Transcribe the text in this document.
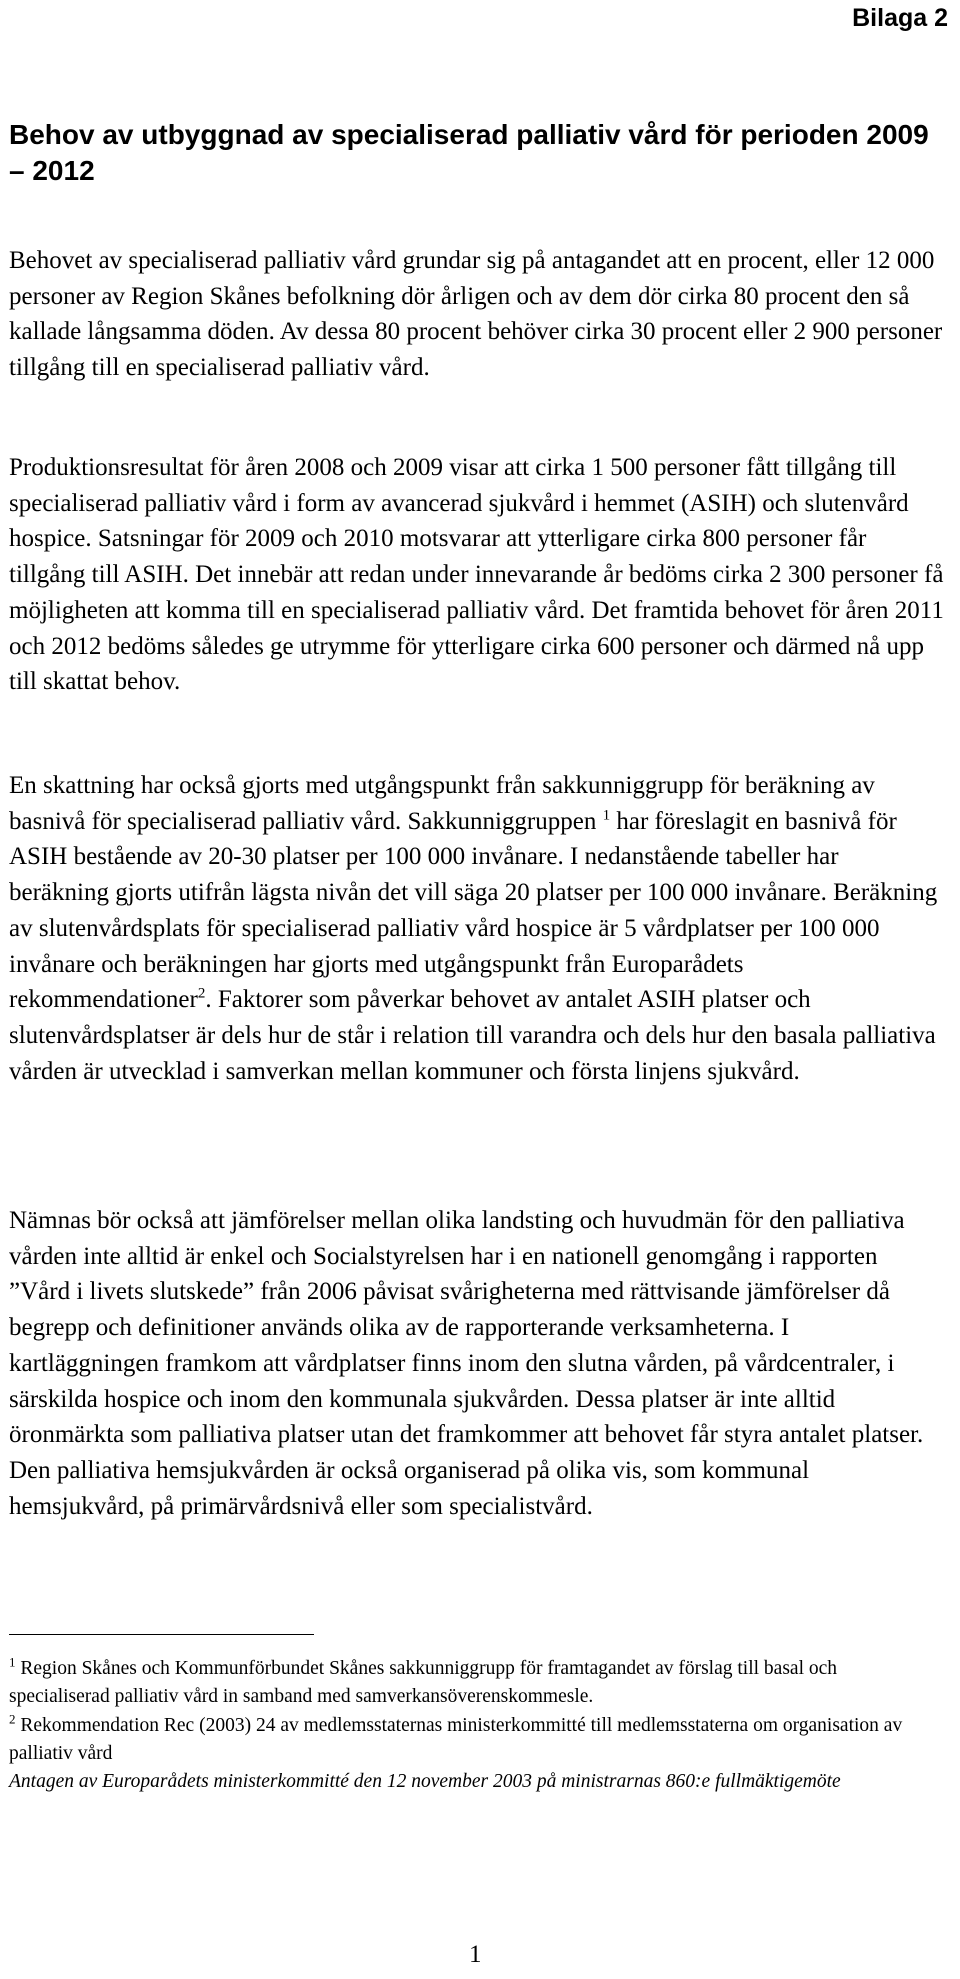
Bilaga 2
Behov av utbyggnad av specialiserad palliativ vård för perioden 2009 – 2012

Behovet av specialiserad palliativ vård grundar sig på antagandet att en procent, eller 12 000 personer av Region Skånes befolkning dör årligen och av dem dör cirka 80 procent den så kallade långsamma döden. Av dessa 80 procent behöver cirka 30 procent eller 2 900 personer tillgång till en specialiserad palliativ vård.

Produktionsresultat för åren 2008 och 2009 visar att cirka 1 500 personer fått tillgång till specialiserad palliativ vård i form av avancerad sjukvård i hemmet (ASIH) och slutenvård hospice. Satsningar för 2009 och 2010 motsvarar att ytterligare cirka 800 personer får tillgång till ASIH. Det innebär att redan under innevarande år bedöms cirka 2 300 personer få möjligheten att komma till en specialiserad palliativ vård. Det framtida behovet för åren 2011 och 2012 bedöms således ge utrymme för ytterligare cirka 600 personer och därmed nå upp till skattat behov.

En skattning har också gjorts med utgångspunkt från sakkunniggrupp för beräkning av basnivå för specialiserad palliativ vård. Sakkunniggruppen $^1$ har föreslagit en basnivå för ASIH bestående av 20-30 platser per 100 000 invånare. I nedanstående tabeller har beräkning gjorts utifrån lägsta nivån det vill säga 20 platser per 100 000 invånare. Beräkning av slutenvårdsplats för specialiserad palliativ vård hospice är 5 vårdplatser per 100 000 invånare och beräkningen har gjorts med utgångspunkt från Europarådets rekommendationer$^2$. Faktorer som påverkar behovet av antalet ASIH platser och slutenvårdsplatser är dels hur de står i relation till varandra och dels hur den basala palliativa vården är utvecklad i samverkan mellan kommuner och första linjens sjukvård.

Nämnas bör också att jämförelser mellan olika landsting och huvudmän för den palliativa vården inte alltid är enkel och Socialstyrelsen har i en nationell genomgång i rapporten ”Vård i livets slutskede” från 2006 påvisat svårigheterna med rättvisande jämförelser då begrepp och definitioner används olika av de rapporterande verksamheterna. I kartläggningen framkom att vårdplatser finns inom den slutna vården, på vårdcentraler, i särskilda hospice och inom den kommunala sjukvården. Dessa platser är inte alltid öronmärkta som palliativa platser utan det framkommer att behovet får styra antalet platser. Den palliativa hemsjukvården är också organiserad på olika vis, som kommunal hemsjukvård, på primärvårdsnivå eller som specialistvård.

$^1$ Region Skånes och Kommunförbundet Skånes sakkunniggrupp för framtagandet av förslag till basal och specialiserad palliativ vård in samband med samverkansöverenskommesle.
$^2$ Rekommendation Rec (2003) 24 av medlemsstaternas ministerkommitté till medlemsstaterna om organisation av palliativ vård
Antagen av Europarådets ministerkommitté den 12 november 2003 på ministrarnas 860:e fullmäktigemöte
1
